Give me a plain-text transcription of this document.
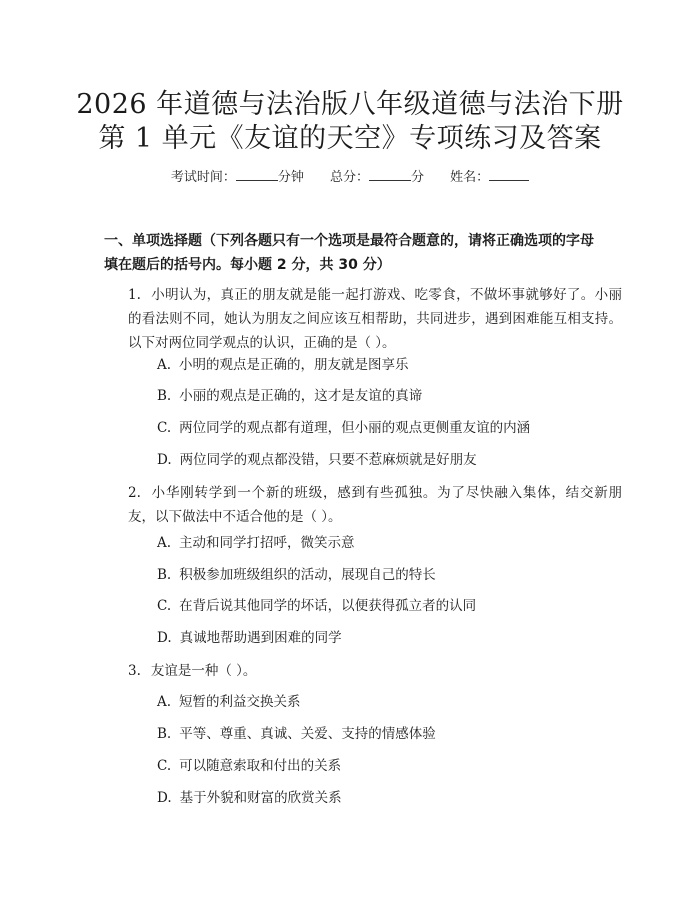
2026 年道德与法治版八年级道德与法治下册
第 1 单元《友谊的天空》专项练习及答案
考试时间：	分钟 总分：	分 姓名：
一、单项选择题（下列各题只有一个选项是最符合题意的，请将正确选项的字母填在题后的括号内。每小题 2 分，共 30 分）
1. 小明认为，真正的朋友就是能一起打游戏、吃零食，不做坏事就够好了。小丽的看法则不同，她认为朋友之间应该互相帮助，共同进步，遇到困难能互相支持。以下对两位同学观点的认识，正确的是（ ）。
A. 小明的观点是正确的，朋友就是图享乐
B. 小丽的观点是正确的，这才是友谊的真谛
C. 两位同学的观点都有道理，但小丽的观点更侧重友谊的内涵
D. 两位同学的观点都没错，只要不惹麻烦就是好朋友
2. 小华刚转学到一个新的班级，感到有些孤独。为了尽快融入集体，结交新朋友，以下做法中不适合他的是（ ）。
A. 主动和同学打招呼，微笑示意
B. 积极参加班级组织的活动，展现自己的特长
C. 在背后说其他同学的坏话，以便获得孤立者的认同
D. 真诚地帮助遇到困难的同学
3. 友谊是一种（ ）。
A. 短暂的利益交换关系
B. 平等、尊重、真诚、关爱、支持的情感体验
C. 可以随意索取和付出的关系
D. 基于外貌和财富的欣赏关系
